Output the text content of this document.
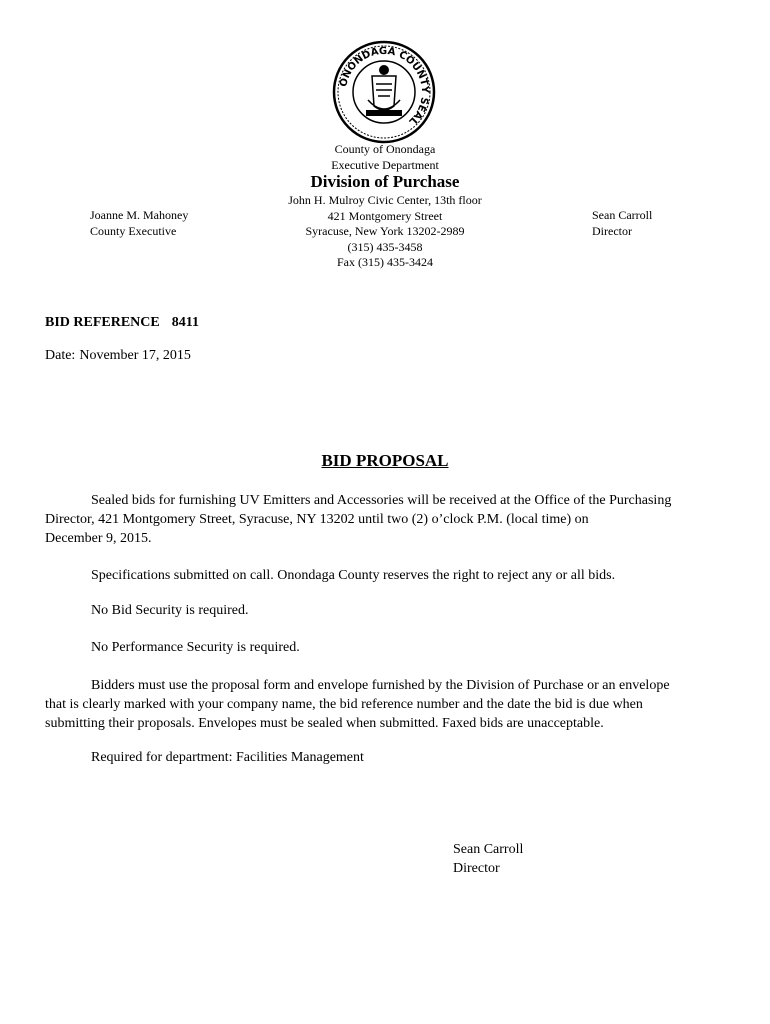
ONONDAGA COUNTY SEAL
County of Onondaga
Executive Department
Division of Purchase
John H. Mulroy Civic Center, 13th floor
421 Montgomery Street
Syracuse, New York 13202-2989
(315) 435-3458
Fax (315) 435-3424
Joanne M. Mahoney
County Executive
Sean Carroll
Director
BID REFERENCE 8411
Date: November 17, 2015
BID PROPOSAL
Sealed bids for furnishing UV Emitters and Accessories will be received at the Office of the Purchasing
Director, 421 Montgomery Street, Syracuse, NY 13202 until two (2) o’clock P.M. (local time) on
December 9, 2015.

Specifications submitted on call. Onondaga County reserves the right to reject any or all bids.

No Bid Security is required.

No Performance Security is required.

Bidders must use the proposal form and envelope furnished by the Division of Purchase or an envelope
that is clearly marked with your company name, the bid reference number and the date the bid is due when
submitting their proposals. Envelopes must be sealed when submitted. Faxed bids are unacceptable.

Required for department: Facilities Management

Sean Carroll
Director
